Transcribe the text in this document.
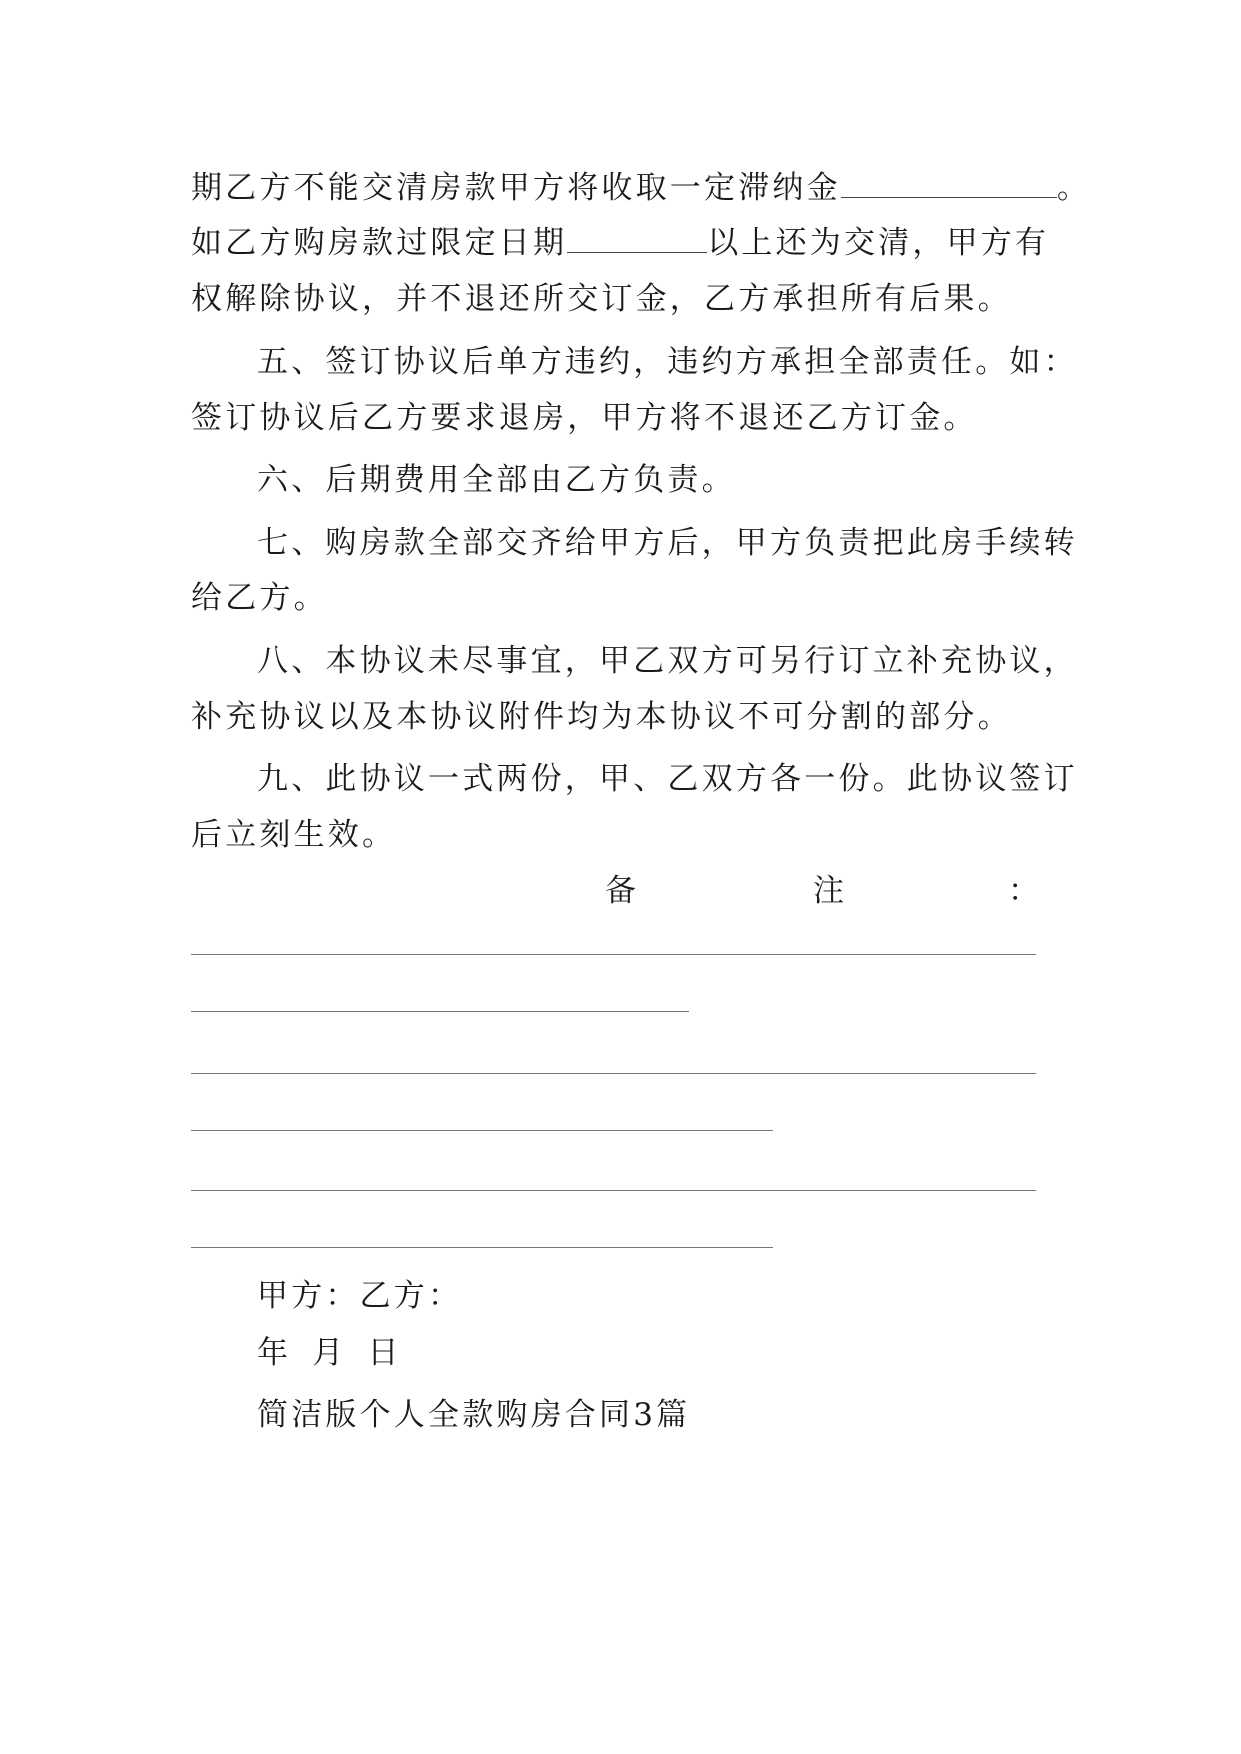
期乙方不能交清房款甲方将收取一定滞纳金	。
如乙方购房款过限定日期	以上还为交清，甲方有
权解除协议，并不退还所交订金，乙方承担所有后果。
五、签订协议后单方违约，违约方承担全部责任。如：
签订协议后乙方要求退房，甲方将不退还乙方订金。
六、后期费用全部由乙方负责。
七、购房款全部交齐给甲方后，甲方负责把此房手续转
给乙方。
八、本协议未尽事宜，甲乙双方可另行订立补充协议，
补充协议以及本协议附件均为本协议不可分割的部分。
九、此协议一式两份，甲、乙双方各一份。此协议签订
后立刻生效。
备	注	：
甲方：乙方：
年 月 日
简洁版个人全款购房合同3篇
